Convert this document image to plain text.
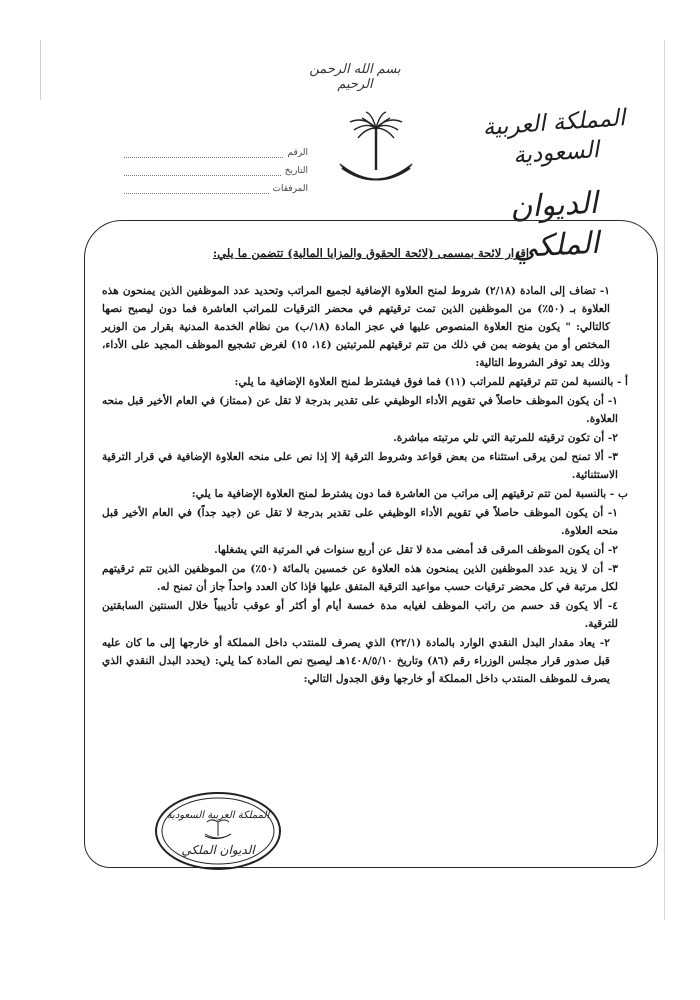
بسم الله الرحمن الرحيم
المملكة العربية السعودية
الديوان الملكي
الرقم
التاريخ
المرفقات
إقرار لائحة بمسمى (لائحة الحقوق والمزايا المالية) تتضمن ما يلي:

١- تضاف إلى المادة (٢/١٨) شروط لمنح العلاوة الإضافية لجميع المراتب وتحديد عدد الموظفين الذين يمنحون هذه العلاوة بـ (٥٠٪) من الموظفين الذين تمت ترقيتهم في محضر الترقيات للمراتب العاشرة فما دون ليصبح نصها كالتالي: " يكون منح العلاوة المنصوص عليها في عجز المادة (١٨/ب) من نظام الخدمة المدنية بقرار من الوزير المختص أو من يفوضه بمن في ذلك من تتم ترقيتهم للمرتبتين (١٤، ١٥) لغرض تشجيع الموظف المجيد على الأداء، وذلك بعد توفر الشروط التالية:

أ - بالنسبة لمن تتم ترقيتهم للمراتب (١١) فما فوق فيشترط لمنح العلاوة الإضافية ما يلي:

١- أن يكون الموظف حاصلاً في تقويم الأداء الوظيفي على تقدير بدرجة لا تقل عن (ممتاز) في العام الأخير قبل منحه العلاوة.

٢- أن تكون ترقيته للمرتبة التي تلي مرتبته مباشرة.

٣- ألا تمنح لمن يرقى استثناء من بعض قواعد وشروط الترقية إلا إذا نص على منحه العلاوة الإضافية في قرار الترقية الاستثنائية.

ب - بالنسبة لمن تتم ترقيتهم إلى مراتب من العاشرة فما دون يشترط لمنح العلاوة الإضافية ما يلي:

١- أن يكون الموظف حاصلاً في تقويم الأداء الوظيفي على تقدير بدرجة لا تقل عن (جيد جداً) في العام الأخير قبل منحه العلاوة.

٢- أن يكون الموظف المرقى قد أمضى مدة لا تقل عن أربع سنوات في المرتبة التي يشغلها.

٣- أن لا يزيد عدد الموظفين الذين يمنحون هذه العلاوة عن خمسين بالمائة (٥٠٪) من الموظفين الذين تتم ترقيتهم لكل مرتبة في كل محضر ترقيات حسب مواعيد الترقية المتفق عليها فإذا كان العدد واحداً جاز أن تمنح له.

٤- ألا يكون قد حسم من راتب الموظف لغيابه مدة خمسة أيام أو أكثر أو عوقب تأديبياً خلال السنتين السابقتين للترقية.

٢- يعاد مقدار البدل النقدي الوارد بالمادة (٢٢/١) الذي يصرف للمنتدب داخل المملكة أو خارجها إلى ما كان عليه قبل صدور قرار مجلس الوزراء رقم (٨٦) وتاريخ ١٤٠٨/٥/١٠هـ ليصبح نص المادة كما يلي: (يحدد البدل النقدي الذي يصرف للموظف المنتدب داخل المملكة أو خارجها وفق الجدول التالي:

المملكة العربية السعودية
الديوان الملكي
